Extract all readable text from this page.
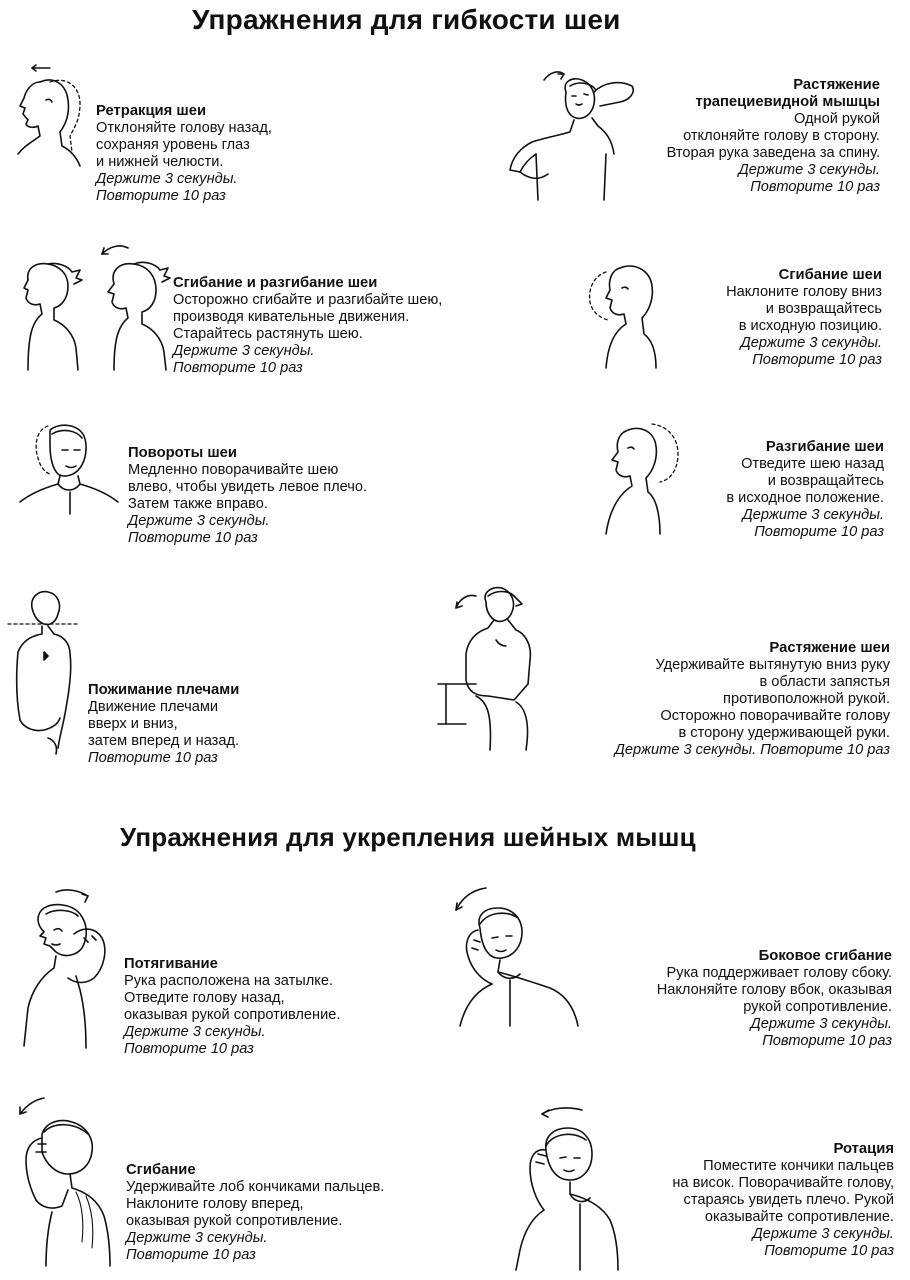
Упражнения для гибкости шеи
Упражнения для укрепления шейных мышц
Ретракция шеи
Отклоняйте голову назад,
сохраняя уровень глаз
и нижней челюсти.
Держите 3 секунды.
Повторите 10 раз
Растяжение
трапециевидной мышцы
Одной рукой
отклоняйте голову в сторону.
Вторая рука заведена за спину.
Держите 3 секунды.
Повторите 10 раз
Сгибание и разгибание шеи
Осторожно сгибайте и разгибайте шею,
производя кивательные движения.
Старайтесь растянуть шею.
Держите 3 секунды.
Повторите 10 раз
Сгибание шеи
Наклоните голову вниз
и возвращайтесь
в исходную позицию.
Держите 3 секунды.
Повторите 10 раз
Повороты шеи
Медленно поворачивайте шею
влево, чтобы увидеть левое плечо.
Затем также вправо.
Держите 3 секунды.
Повторите 10 раз
Разгибание шеи
Отведите шею назад
и возвращайтесь
в исходное положение.
Держите 3 секунды.
Повторите 10 раз
Пожимание плечами
Движение плечами
вверх и вниз,
затем вперед и назад.
Повторите 10 раз
Растяжение шеи
Удерживайте вытянутую вниз руку
в области запястья
противоположной рукой.
Осторожно поворачивайте голову
в сторону удерживающей руки.
Держите 3 секунды. Повторите 10 раз
Потягивание
Рука расположена на затылке.
Отведите голову назад,
оказывая рукой сопротивление.
Держите 3 секунды.
Повторите 10 раз
Боковое сгибание
Рука поддерживает голову сбоку.
Наклоняйте голову вбок, оказывая
рукой сопротивление.
Держите 3 секунды.
Повторите 10 раз
Сгибание
Удерживайте лоб кончиками пальцев.
Наклоните голову вперед,
оказывая рукой сопротивление.
Держите 3 секунды.
Повторите 10 раз
Ротация
Поместите кончики пальцев
на висок. Поворачивайте голову,
стараясь увидеть плечо. Рукой
оказывайте сопротивление.
Держите 3 секунды.
Повторите 10 раз
